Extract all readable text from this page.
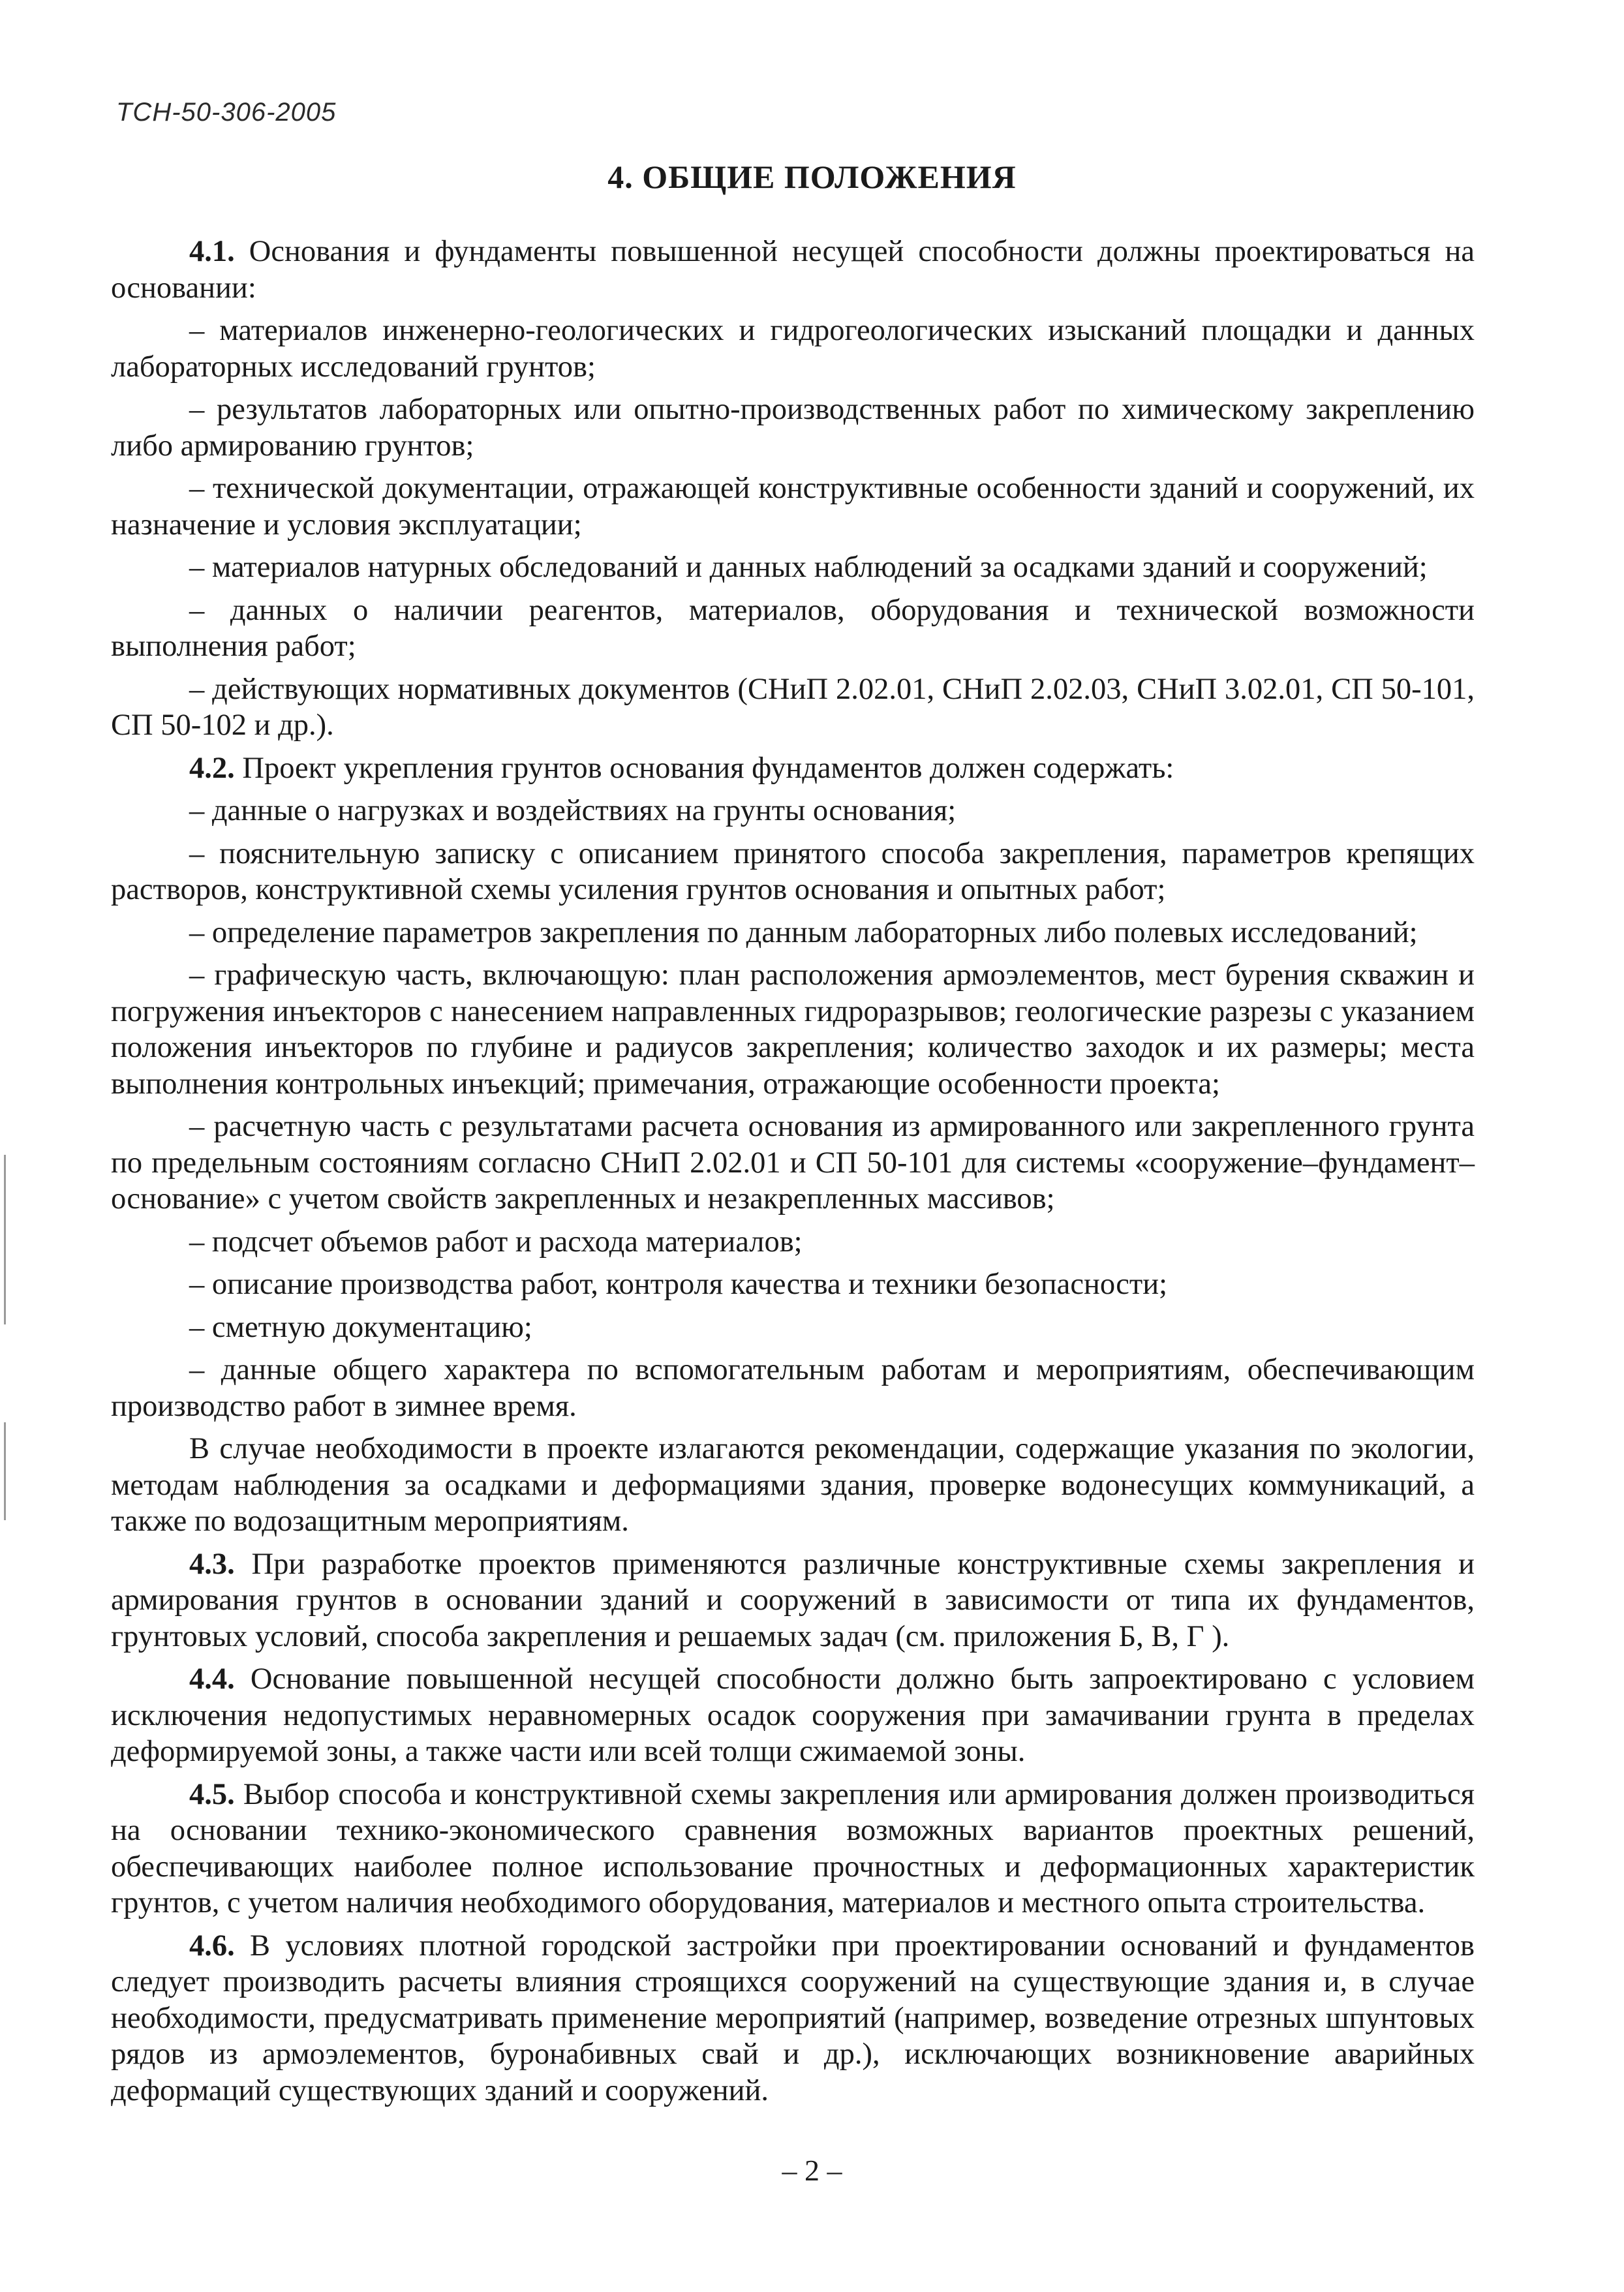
ТСН-50-306-2005
4. ОБЩИЕ ПОЛОЖЕНИЯ

4.1. Основания и фундаменты повышенной несущей способности должны проектироваться на основании:

– материалов инженерно-геологических и гидрогеологических изысканий площадки и данных лабораторных исследований грунтов;

– результатов лабораторных или опытно-производственных работ по химическому закреплению либо армированию грунтов;

– технической документации, отражающей конструктивные особенности зданий и сооружений, их назначение и условия эксплуатации;

– материалов натурных обследований и данных наблюдений за осадками зданий и сооружений;

– данных о наличии реагентов, материалов, оборудования и технической возможности выполнения работ;

– действующих нормативных документов (СНиП 2.02.01, СНиП 2.02.03, СНиП 3.02.01, СП 50-101, СП 50-102 и др.).

4.2. Проект укрепления грунтов основания фундаментов должен содержать:

– данные о нагрузках и воздействиях на грунты основания;

– пояснительную записку с описанием принятого способа закрепления, параметров крепящих растворов, конструктивной схемы усиления грунтов основания и опытных работ;

– определение параметров закрепления по данным лабораторных либо полевых исследований;

– графическую часть, включающую: план расположения армоэлементов, мест бурения скважин и погружения инъекторов с нанесением направленных гидроразрывов; геологические разрезы с указанием положения инъекторов по глубине и радиусов закрепления; количество заходок и их размеры; места выполнения контрольных инъекций; примечания, отражающие особенности проекта;

– расчетную часть с результатами расчета основания из армированного или закрепленного грунта по предельным состояниям согласно СНиП 2.02.01 и СП 50-101 для системы «сооружение–фундамент–основание» с учетом свойств закрепленных и незакрепленных массивов;

– подсчет объемов работ и расхода материалов;

– описание производства работ, контроля качества и техники безопасности;

– сметную документацию;

– данные общего характера по вспомогательным работам и мероприятиям, обеспечивающим производство работ в зимнее время.

В случае необходимости в проекте излагаются рекомендации, содержащие указания по экологии, методам наблюдения за осадками и деформациями здания, проверке водонесущих коммуникаций, а также по водозащитным мероприятиям.

4.3. При разработке проектов применяются различные конструктивные схемы закрепления и армирования грунтов в основании зданий и сооружений в зависимости от типа их фундаментов, грунтовых условий, способа закрепления и решаемых задач (см. приложения Б, В, Г ).

4.4. Основание повышенной несущей способности должно быть запроектировано с условием исключения недопустимых неравномерных осадок сооружения при замачивании грунта в пределах деформируемой зоны, а также части или всей толщи сжимаемой зоны.

4.5. Выбор способа и конструктивной схемы закрепления или армирования должен производиться на основании технико-экономического сравнения возможных вариантов проектных решений, обеспечивающих наиболее полное использование прочностных и деформационных характеристик грунтов, с учетом наличия необходимого оборудования, материалов и местного опыта строительства.

4.6. В условиях плотной городской застройки при проектировании оснований и фундаментов следует производить расчеты влияния строящихся сооружений на существующие здания и, в случае необходимости, предусматривать применение мероприятий (например, возведение отрезных шпунтовых рядов из армоэлементов, буронабивных свай и др.), исключающих возникновение аварийных деформаций существующих зданий и сооружений.

– 2 –
